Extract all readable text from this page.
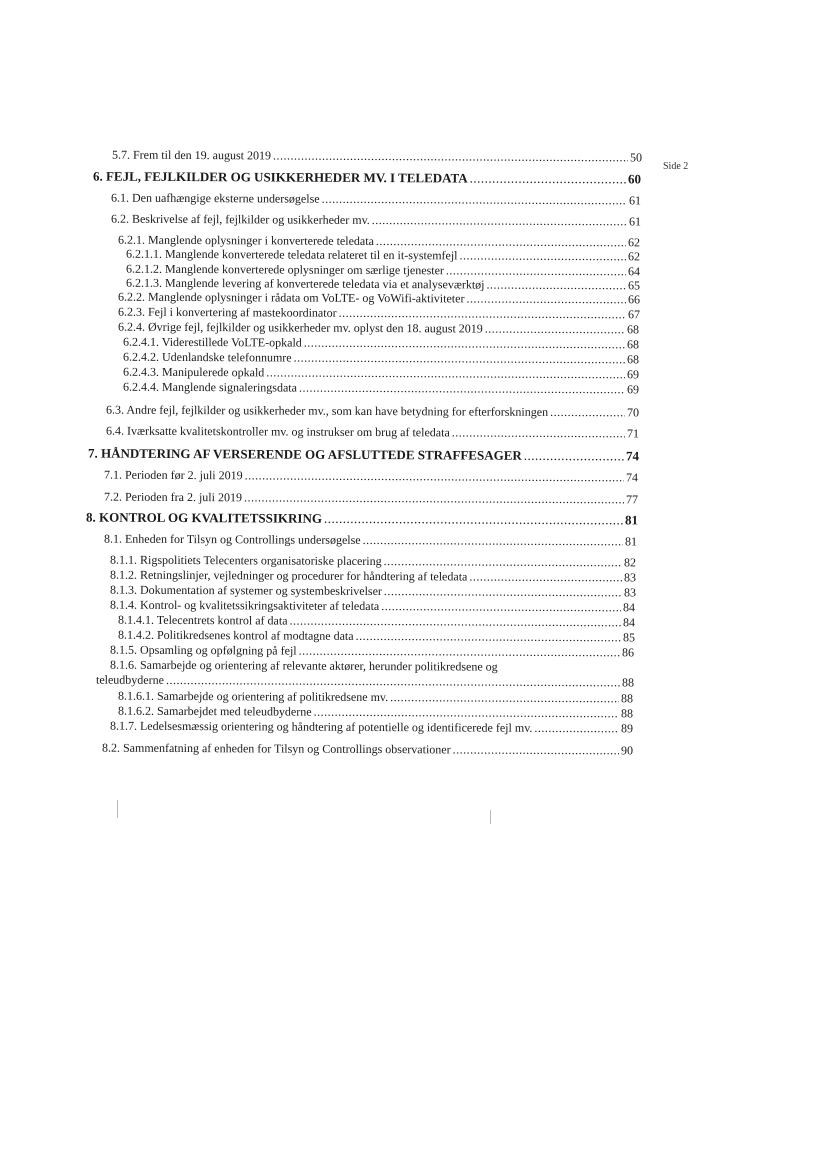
Side 2
5.7. Frem til den 19. august 2019 .....	50
6. FEJL, FEJLKILDER OG USIKKERHEDER MV. I TELEDATA .....	60
6.1. Den uafhængige eksterne undersøgelse .....	61
6.2. Beskrivelse af fejl, fejlkilder og usikkerheder mv. .....	61
6.2.1. Manglende oplysninger i konverterede teledata .....	62
6.2.1.1. Manglende konverterede teledata relateret til en it-systemfejl .....	62
6.2.1.2. Manglende konverterede oplysninger om særlige tjenester .....	64
6.2.1.3. Manglende levering af konverterede teledata via et analyseværktøj .....	65
6.2.2. Manglende oplysninger i rådata om VoLTE- og VoWifi-aktiviteter .....	66
6.2.3. Fejl i konvertering af mastekoordinator .....	67
6.2.4. Øvrige fejl, fejlkilder og usikkerheder mv. oplyst den 18. august 2019 .....	68
6.2.4.1. Viderestillede VoLTE-opkald .....	68
6.2.4.2. Udenlandske telefonnumre .....	68
6.2.4.3. Manipulerede opkald .....	69
6.2.4.4. Manglende signaleringsdata .....	69
6.3. Andre fejl, fejlkilder og usikkerheder mv., som kan have betydning for efterforskningen .....	70
6.4. Iværksatte kvalitetskontroller mv. og instrukser om brug af teledata .....	71
7. HÅNDTERING AF VERSERENDE OG AFSLUTTEDE STRAFFESAGER .....	74
7.1. Perioden før 2. juli 2019 .....	74
7.2. Perioden fra 2. juli 2019 .....	77
8. KONTROL OG KVALITETSSIKRING .....	81
8.1. Enheden for Tilsyn og Controllings undersøgelse .....	81
8.1.1. Rigspolitiets Telecenters organisatoriske placering .....	82
8.1.2. Retningslinjer, vejledninger og procedurer for håndtering af teledata .....	83
8.1.3. Dokumentation af systemer og systembeskrivelser .....	83
8.1.4. Kontrol- og kvalitetssikringsaktiviteter af teledata .....	84
8.1.4.1. Telecentrets kontrol af data .....	84
8.1.4.2. Politikredsenes kontrol af modtagne data .....	85
8.1.5. Opsamling og opfølgning på fejl .....	86
8.1.6. Samarbejde og orientering af relevante aktører, herunder politikredsene og
teleudbyderne .....	88
8.1.6.1. Samarbejde og orientering af politikredsene mv. .....	88
8.1.6.2. Samarbejdet med teleudbyderne .....	88
8.1.7. Ledelsesmæssig orientering og håndtering af potentielle og identificerede fejl mv. .....	89
8.2. Sammenfatning af enheden for Tilsyn og Controllings observationer .....	90
